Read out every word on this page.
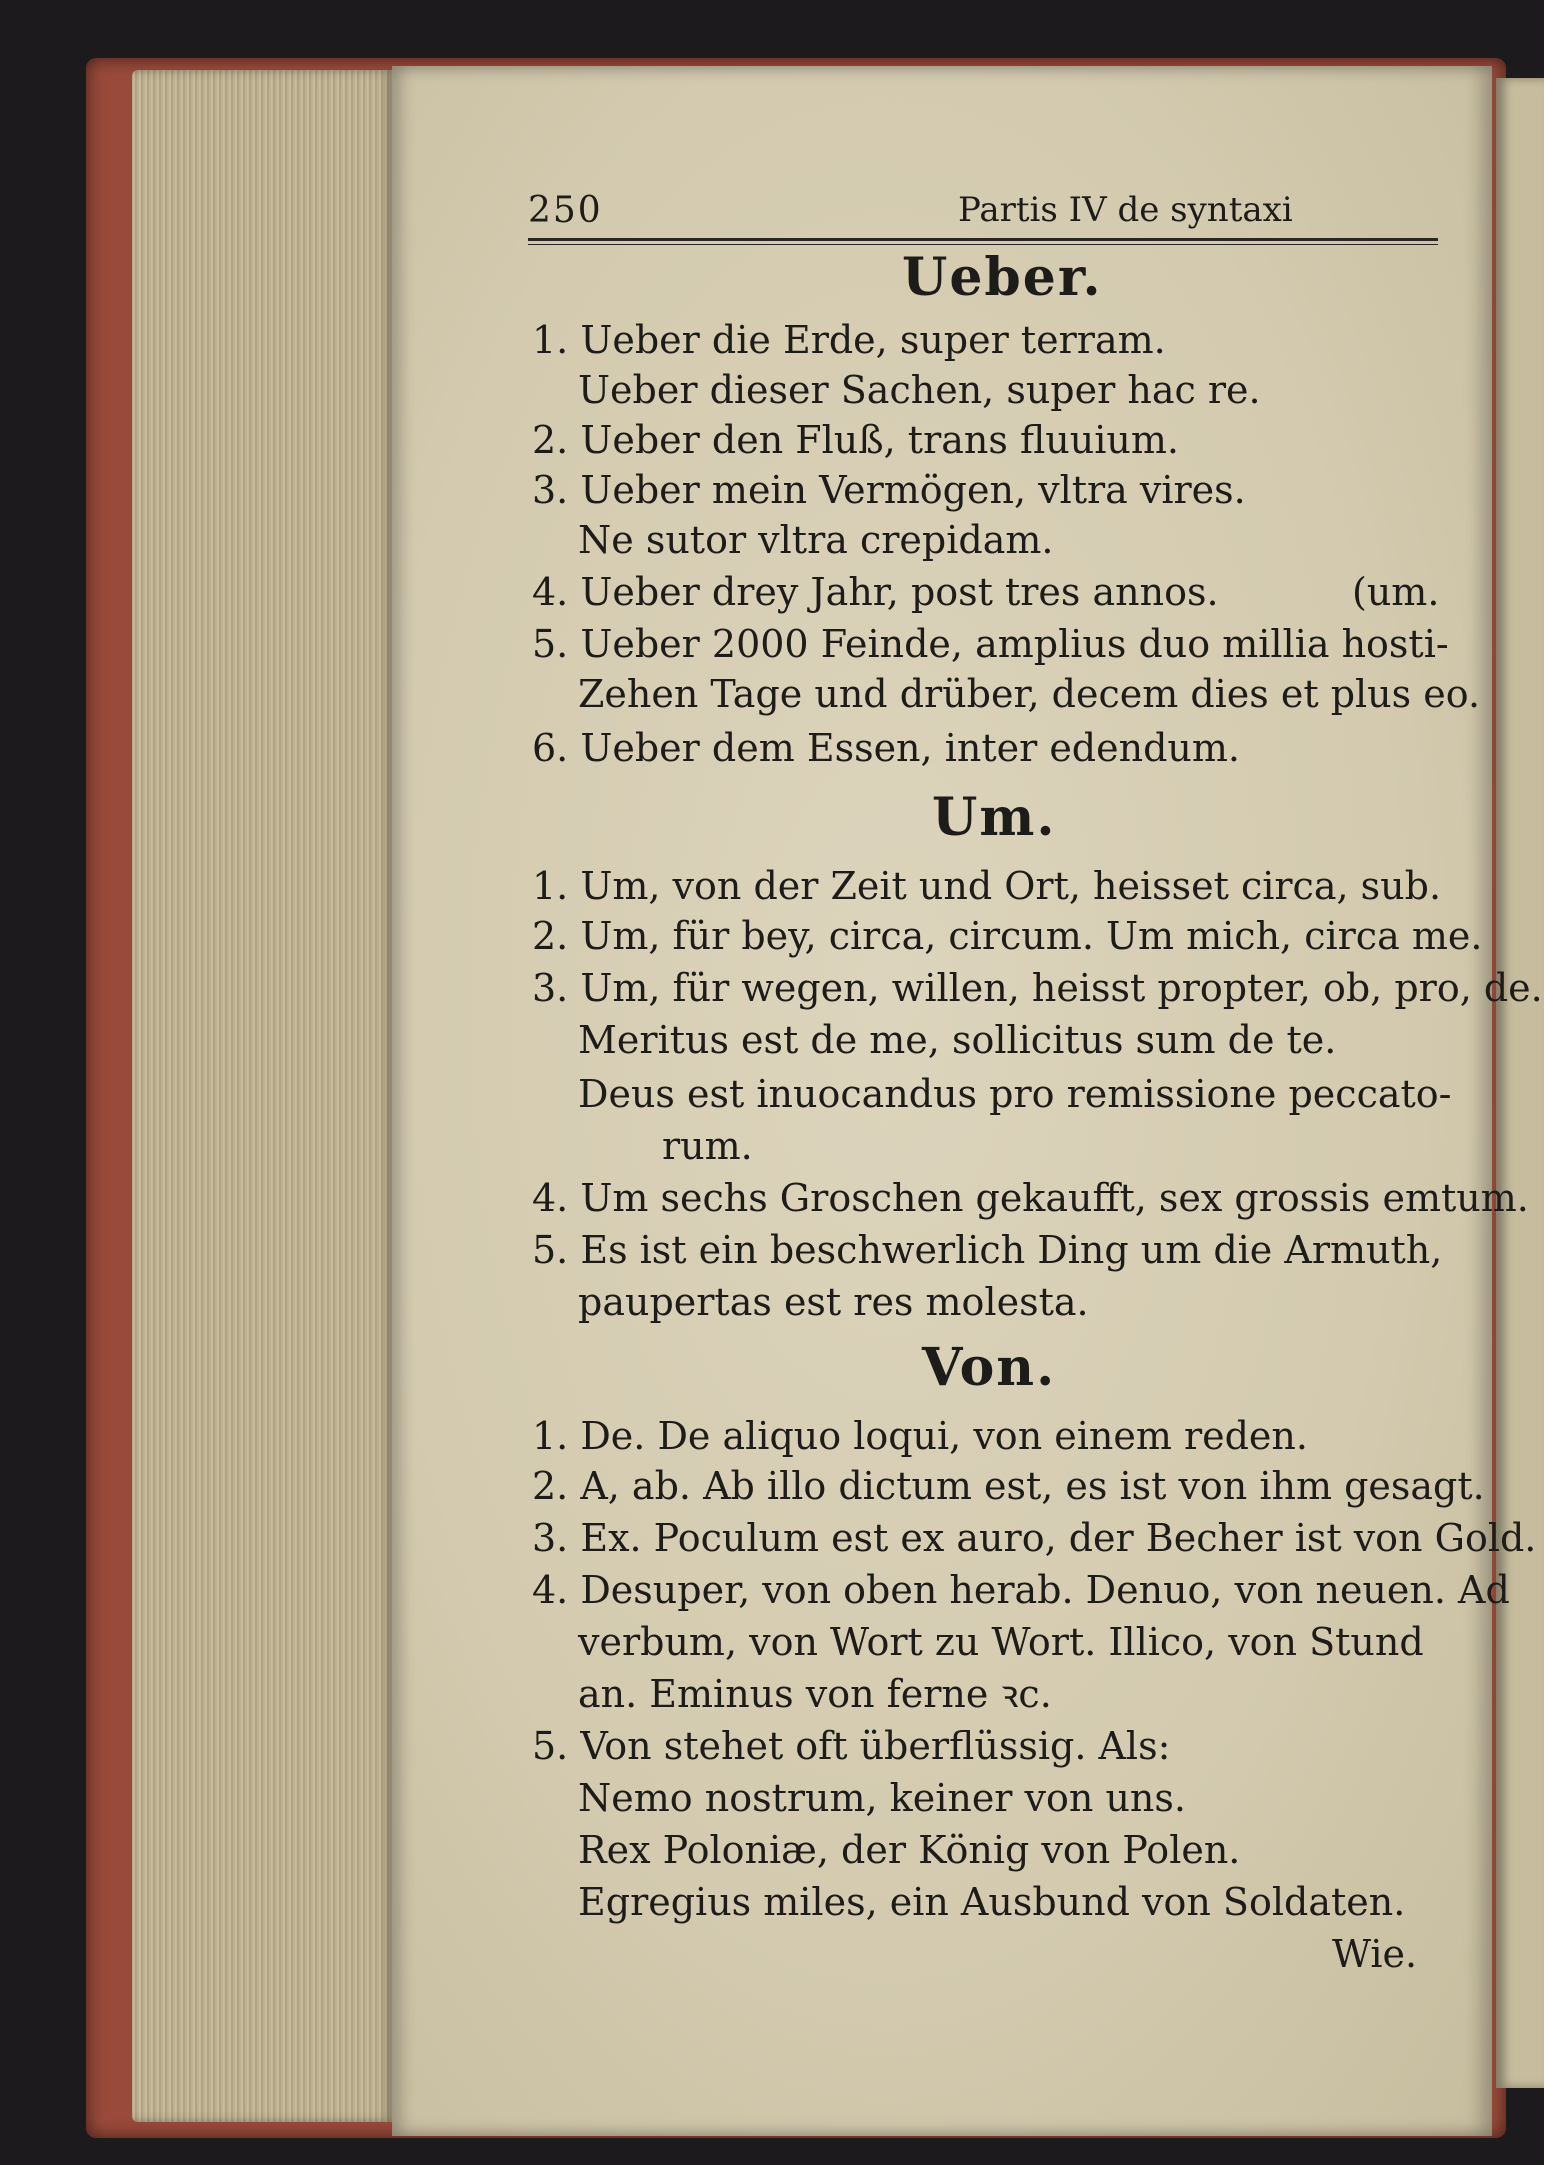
250	Partis IV de syntaxi
Ueber.
1. Ueber die Erde, super terram.
Ueber dieser Sachen, super hac re.
2. Ueber den Fluß, trans fluuium.
3. Ueber mein Vermögen, vltra vires.
Ne sutor vltra crepidam.
4. Ueber drey Jahr, post tres annos.	(um.
5. Ueber 2000 Feinde, amplius duo millia hosti-
Zehen Tage und drüber, decem dies et plus eo.
6. Ueber dem Essen, inter edendum.
Um.
1. Um, von der Zeit und Ort, heisset circa, sub.
2. Um, für bey, circa, circum. Um mich, circa me.
3. Um, für wegen, willen, heisst propter, ob, pro, de.
Meritus est de me, sollicitus sum de te.
Deus est inuocandus pro remissione peccato-
rum.
4. Um sechs Groschen gekaufft, sex grossis emtum.
5. Es ist ein beschwerlich Ding um die Armuth,
paupertas est res molesta.
Von.
1. De. De aliquo loqui, von einem reden.
2. A, ab. Ab illo dictum est, es ist von ihm gesagt.
3. Ex. Poculum est ex auro, der Becher ist von Gold.
4. Desuper, von oben herab. Denuo, von neuen. Ad
verbum, von Wort zu Wort. Illico, von Stund
an. Eminus von ferne ꝛc.
5. Von stehet oft überflüssig. Als:
Nemo nostrum, keiner von uns.
Rex Poloniæ, der König von Polen.
Egregius miles, ein Ausbund von Soldaten.
Wie.
